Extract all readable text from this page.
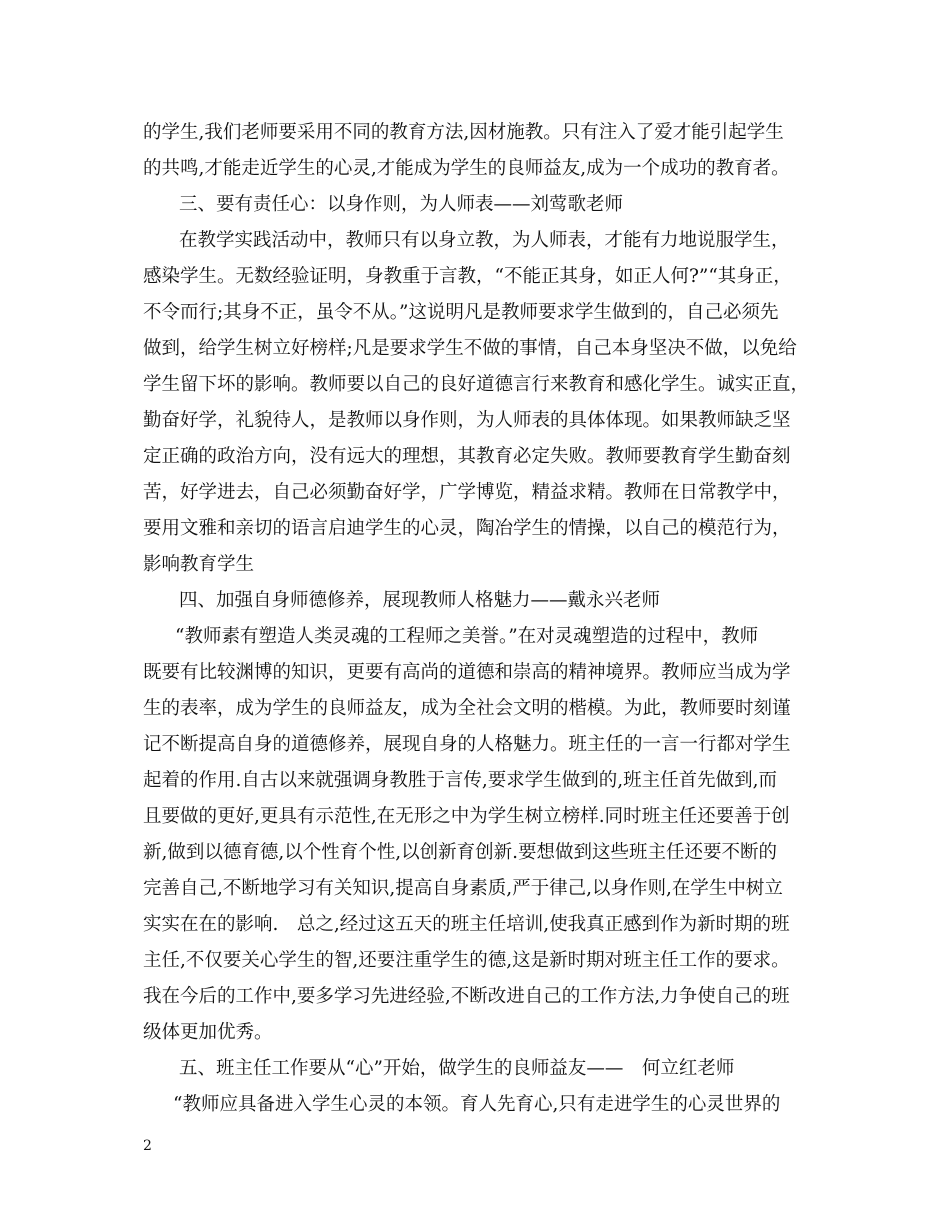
的学生,我们老师要采用不同的教育方法,因材施教。只有注入了爱才能引起学生
的共鸣,才能走近学生的心灵,才能成为学生的良师益友,成为一个成功的教育者。
三、要有责任心：以身作则，为人师表——刘莺歌老师
在教学实践活动中，教师只有以身立教，为人师表，才能有力地说服学生，
感染学生。无数经验证明，身教重于言教，“不能正其身，如正人何?”“其身正，
不令而行;其身不正，虽令不从。”这说明凡是教师要求学生做到的，自己必须先
做到，给学生树立好榜样;凡是要求学生不做的事情，自己本身坚决不做，以免给
学生留下坏的影响。教师要以自己的良好道德言行来教育和感化学生。诚实正直，
勤奋好学，礼貌待人，是教师以身作则，为人师表的具体体现。如果教师缺乏坚
定正确的政治方向，没有远大的理想，其教育必定失败。教师要教育学生勤奋刻
苦，好学进去，自己必须勤奋好学，广学博览，精益求精。教师在日常教学中，
要用文雅和亲切的语言启迪学生的心灵，陶冶学生的情操，以自己的模范行为，
影响教育学生
四、加强自身师德修养，展现教师人格魅力——戴永兴老师
“教师素有塑造人类灵魂的工程师之美誉。”在对灵魂塑造的过程中，教师
既要有比较渊博的知识，更要有高尚的道德和崇高的精神境界。教师应当成为学
生的表率，成为学生的良师益友，成为全社会文明的楷模。为此，教师要时刻谨
记不断提高自身的道德修养，展现自身的人格魅力。班主任的一言一行都对学生
起着的作用.自古以来就强调身教胜于言传,要求学生做到的,班主任首先做到,而
且要做的更好,更具有示范性,在无形之中为学生树立榜样.同时班主任还要善于创
新,做到以德育德,以个性育个性,以创新育创新.要想做到这些班主任还要不断的
完善自己,不断地学习有关知识,提高自身素质,严于律己,以身作则,在学生中树立
实实在在的影响.　总之,经过这五天的班主任培训,使我真正感到作为新时期的班
主任,不仅要关心学生的智,还要注重学生的德,这是新时期对班主任工作的要求。
我在今后的工作中,要多学习先进经验,不断改进自己的工作方法,力争使自己的班
级体更加优秀。
五、班主任工作要从“心”开始，做学生的良师益友——　何立红老师
“教师应具备进入学生心灵的本领。育人先育心,只有走进学生的心灵世界的
2
